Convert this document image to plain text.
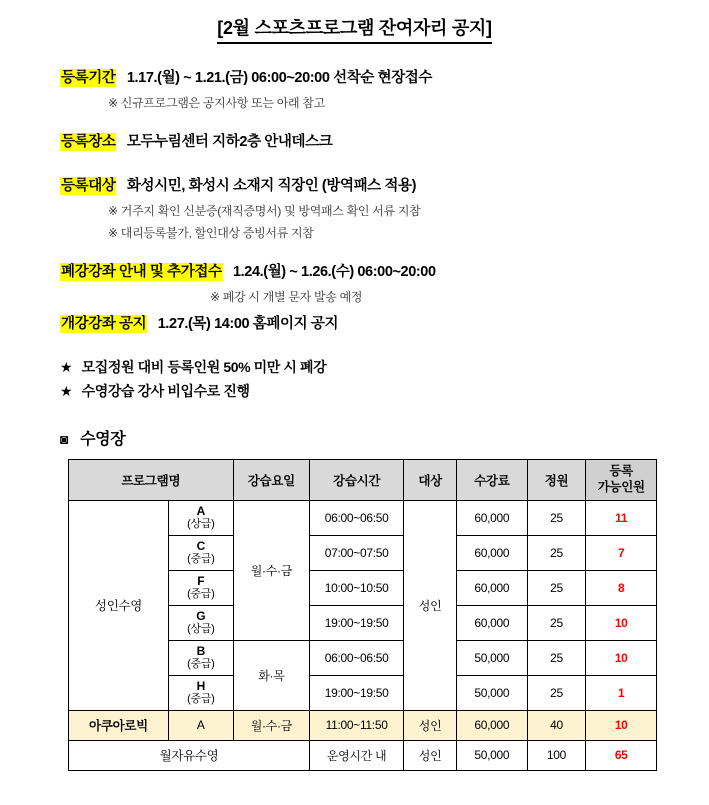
[2월 스포츠프로그램 잔여자리 공지]
등록기간 1.17.(월) ~ 1.21.(금) 06:00~20:00 선착순 현장접수
※ 신규프로그램은 공지사항 또는 아래 참고
등록장소 모두누림센터 지하2층 안내데스크
등록대상 화성시민, 화성시 소재지 직장인 (방역패스 적용)
※ 거주지 확인 신분증(재직증명서) 및 방역패스 확인 서류 지참
※ 대리등록불가, 할인대상 증빙서류 지참
폐강강좌 안내 및 추가접수 1.24.(월) ~ 1.26.(수) 06:00~20:00
※ 폐강 시 개별 문자 발송 예정
개강강좌 공지 1.27.(목) 14:00 홈페이지 공지
★ 모집정원 대비 등록인원 50% 미만 시 폐강
★ 수영강습 강사 비입수로 진행
◙ 수영장
프로그램명		강습요일	강습시간	대상	수강료	정원	등록
가능인원
성인수영	A
(상급)	월·수·금	06:00~06:50	성인	60,000	25	11

	C
(중급)		07:00~07:50		60,000	25	7

	F
(중급)		10:00~10:50		60,000	25	8

	G
(상급)		19:00~19:50		60,000	25	10

	B
(중급)	화·목	06:00~06:50		50,000	25	10

	H
(중급)		19:00~19:50		50,000	25	1
아쿠아로빅	A	월·수·금	11:00~11:50	성인	60,000	40	10
월자유수영			운영시간 내	성인	50,000	100	65
